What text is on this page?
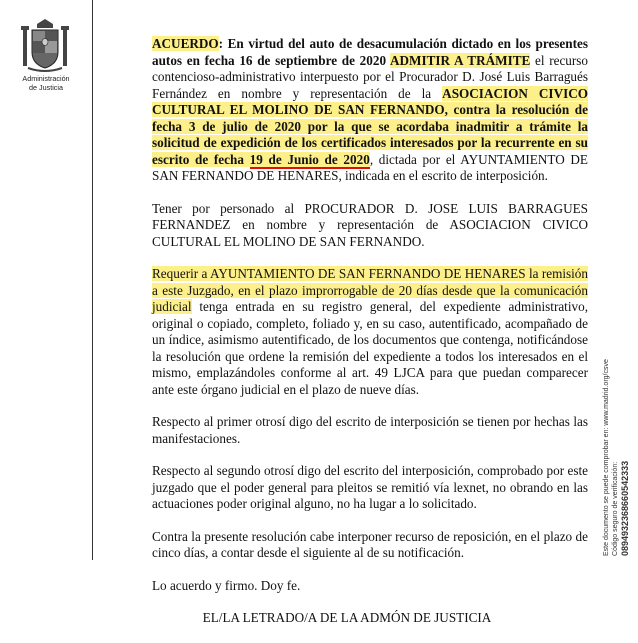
Administración
de Justicia
Este documento se puede comprobar en: www.madrid.org/csve Código seguro de verificación: 0894932368660542333

ACUERDO: En virtud del auto de desacumulación dictado en los presentes autos en fecha 16 de septiembre de 2020 ADMITIR A TRÁMITE el recurso contencioso-administrativo interpuesto por el Procurador D. José Luis Barragués Fernández en nombre y representación de la ASOCIACION CIVICO CULTURAL EL MOLINO DE SAN FERNANDO, contra la resolución de fecha 3 de julio de 2020 por la que se acordaba inadmitir a trámite la solicitud de expedición de los certificados interesados por la recurrente en su escrito de fecha 19 de Junio de 2020, dictada por el AYUNTAMIENTO DE SAN FERNANDO DE HENARES, indicada en el escrito de interposición.

Tener por personado al PROCURADOR D. JOSE LUIS BARRAGUES FERNANDEZ en nombre y representación de ASOCIACION CIVICO CULTURAL EL MOLINO DE SAN FERNANDO.

Requerir a AYUNTAMIENTO DE SAN FERNANDO DE HENARES la remisión a este Juzgado, en el plazo improrrogable de 20 días desde que la comunicación judicial tenga entrada en su registro general, del expediente administrativo, original o copiado, completo, foliado y, en su caso, autentificado, acompañado de un índice, asimismo autentificado, de los documentos que contenga, notificándose la resolución que ordene la remisión del expediente a todos los interesados en el mismo, emplazándoles conforme al art. 49 LJCA para que puedan comparecer ante este órgano judicial en el plazo de nueve días.

Respecto al primer otrosí digo del escrito de interposición se tienen por hechas las manifestaciones.

Respecto al segundo otrosí digo del escrito del interposición, comprobado por este juzgado que el poder general para pleitos se remitió vía lexnet, no obrando en las actuaciones poder original alguno, no ha lugar a lo solicitado.

Contra la presente resolución cabe interponer recurso de reposición, en el plazo de cinco días, a contar desde el siguiente al de su notificación.

Lo acuerdo y firmo. Doy fe.

EL/LA LETRADO/A DE LA ADMÓN DE JUSTICIA
